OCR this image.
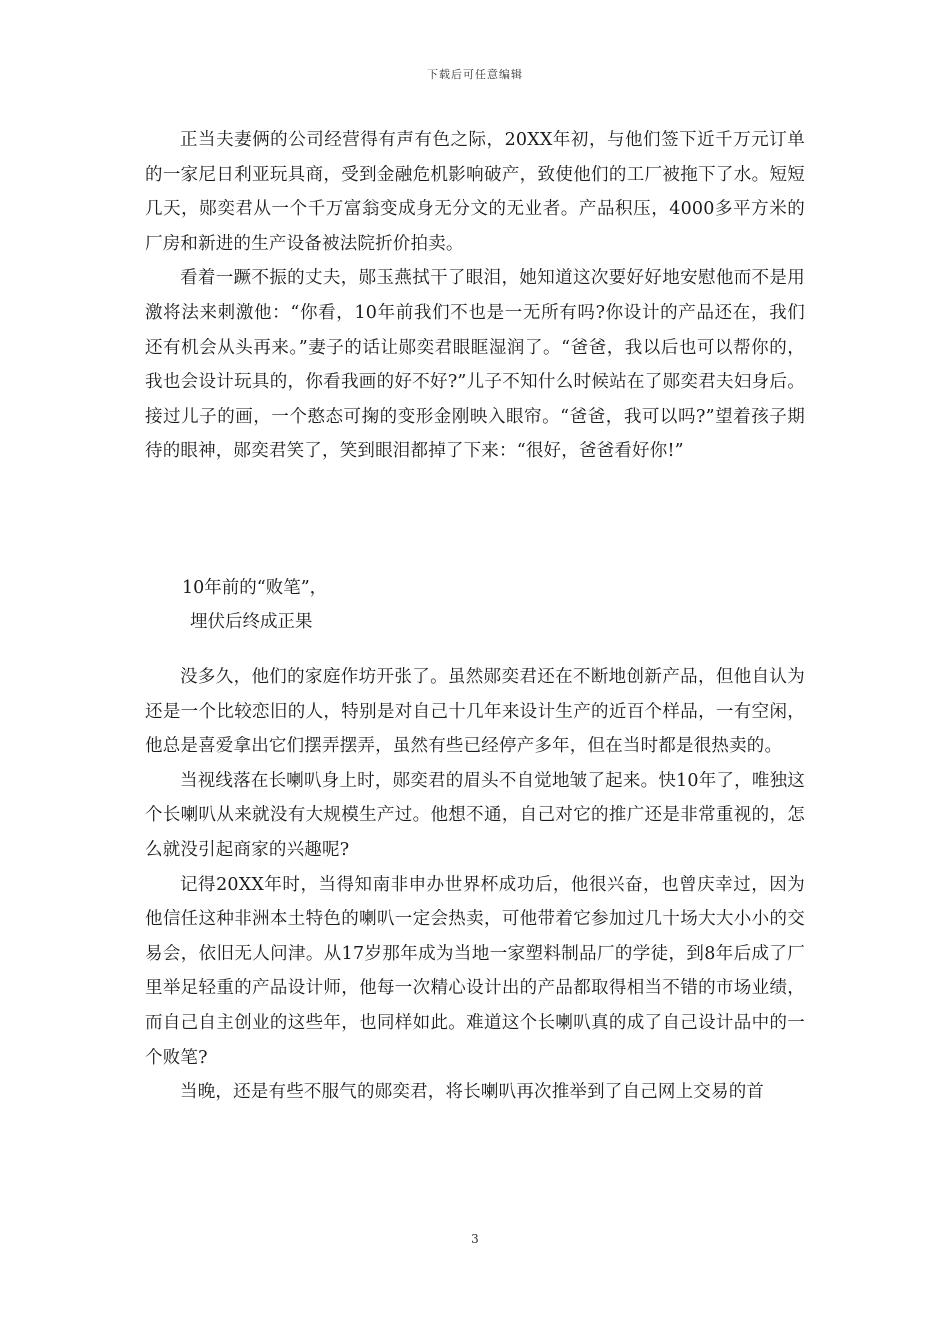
下载后可任意编辑

正当夫妻俩的公司经营得有声有色之际，20XX年初，与他们签下近千万元订单的一家尼日利亚玩具商，受到金融危机影响破产，致使他们的工厂被拖下了水。短短几天，郧奕君从一个千万富翁变成身无分文的无业者。产品积压，4000多平方米的厂房和新进的生产设备被法院折价拍卖。

看着一蹶不振的丈夫，郧玉燕拭干了眼泪，她知道这次要好好地安慰他而不是用激将法来刺激他：“你看，10年前我们不也是一无所有吗?你设计的产品还在，我们还有机会从头再来。”妻子的话让郧奕君眼眶湿润了。“爸爸，我以后也可以帮你的，我也会设计玩具的，你看我画的好不好?”儿子不知什么时候站在了郧奕君夫妇身后。接过儿子的画，一个憨态可掬的变形金刚映入眼帘。“爸爸，我可以吗?”望着孩子期待的眼神，郧奕君笑了，笑到眼泪都掉了下来：“很好，爸爸看好你!”

10年前的“败笔”，
埋伏后终成正果

没多久，他们的家庭作坊开张了。虽然郧奕君还在不断地创新产品，但他自认为还是一个比较恋旧的人，特别是对自己十几年来设计生产的近百个样品，一有空闲，他总是喜爱拿出它们摆弄摆弄，虽然有些已经停产多年，但在当时都是很热卖的。

当视线落在长喇叭身上时，郧奕君的眉头不自觉地皱了起来。快10年了，唯独这个长喇叭从来就没有大规模生产过。他想不通，自己对它的推广还是非常重视的，怎么就没引起商家的兴趣呢?

记得20XX年时，当得知南非申办世界杯成功后，他很兴奋，也曾庆幸过，因为他信任这种非洲本土特色的喇叭一定会热卖，可他带着它参加过几十场大大小小的交易会，依旧无人问津。从17岁那年成为当地一家塑料制品厂的学徒，到8年后成了厂里举足轻重的产品设计师，他每一次精心设计出的产品都取得相当不错的市场业绩，而自己自主创业的这些年，也同样如此。难道这个长喇叭真的成了自己设计品中的一个败笔?

当晚，还是有些不服气的郧奕君，将长喇叭再次推举到了自己网上交易的首

3
